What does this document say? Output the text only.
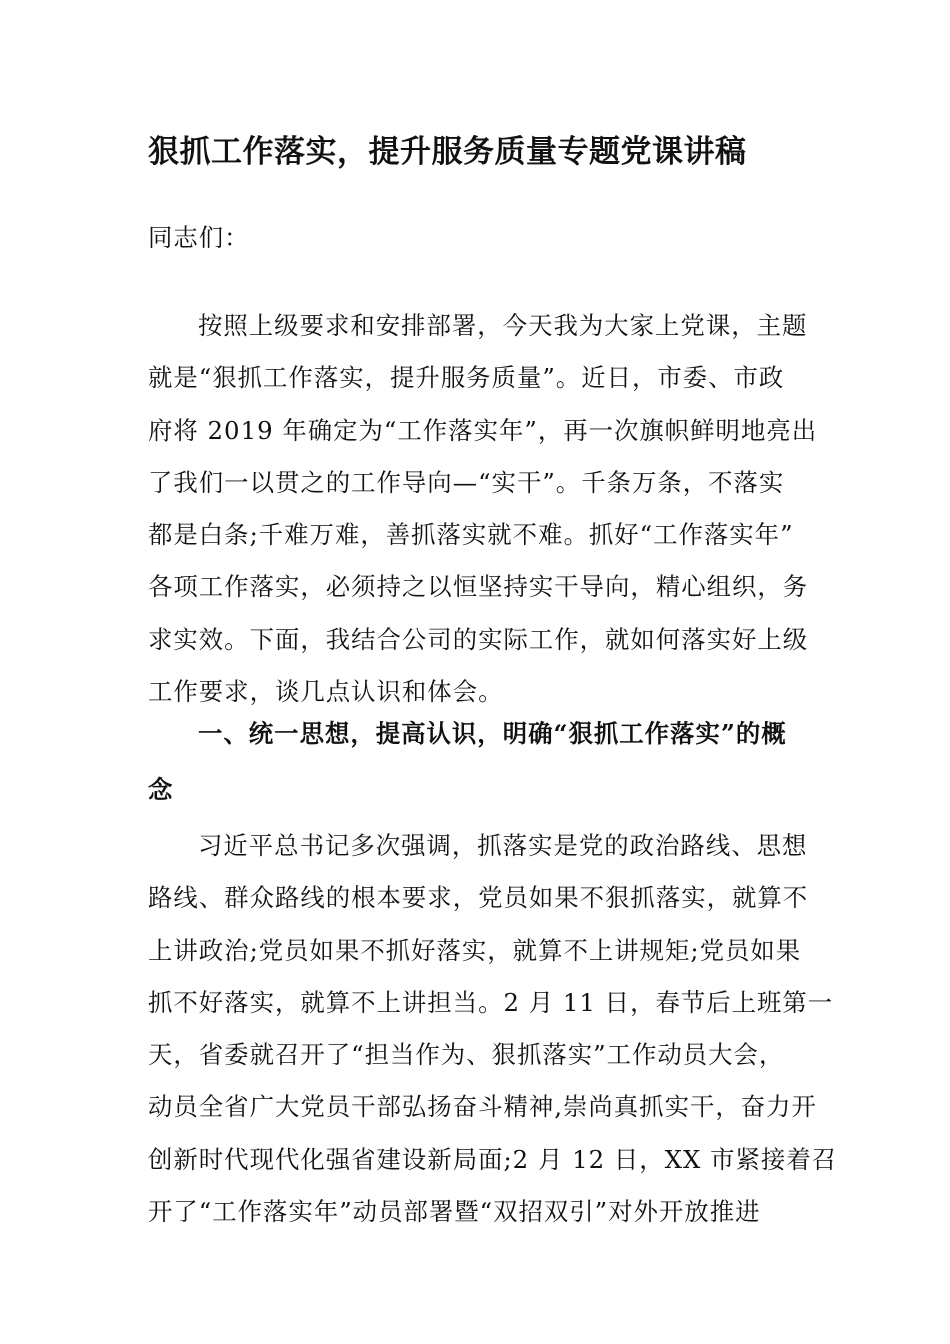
狠抓工作落实，提升服务质量专题党课讲稿
同志们：
按照上级要求和安排部署，今天我为大家上党课，主题
就是“狠抓工作落实，提升服务质量”。近日，市委、市政
府将 2019 年确定为“工作落实年”，再一次旗帜鲜明地亮出
了我们一以贯之的工作导向—“实干”。千条万条，不落实
都是白条;千难万难，善抓落实就不难。抓好“工作落实年”
各项工作落实，必须持之以恒坚持实干导向，精心组织，务
求实效。下面，我结合公司的实际工作，就如何落实好上级
工作要求，谈几点认识和体会。
一、统一思想，提高认识，明确“狠抓工作落实”的概
念
习近平总书记多次强调，抓落实是党的政治路线、思想
路线、群众路线的根本要求，党员如果不狠抓落实，就算不
上讲政治;党员如果不抓好落实，就算不上讲规矩;党员如果
抓不好落实，就算不上讲担当。2 月 11 日，春节后上班第一
天，省委就召开了“担当作为、狠抓落实”工作动员大会，
动员全省广大党员干部弘扬奋斗精神,崇尚真抓实干，奋力开
创新时代现代化强省建设新局面;2 月 12 日，XX 市紧接着召
开了“工作落实年”动员部署暨“双招双引”对外开放推进
